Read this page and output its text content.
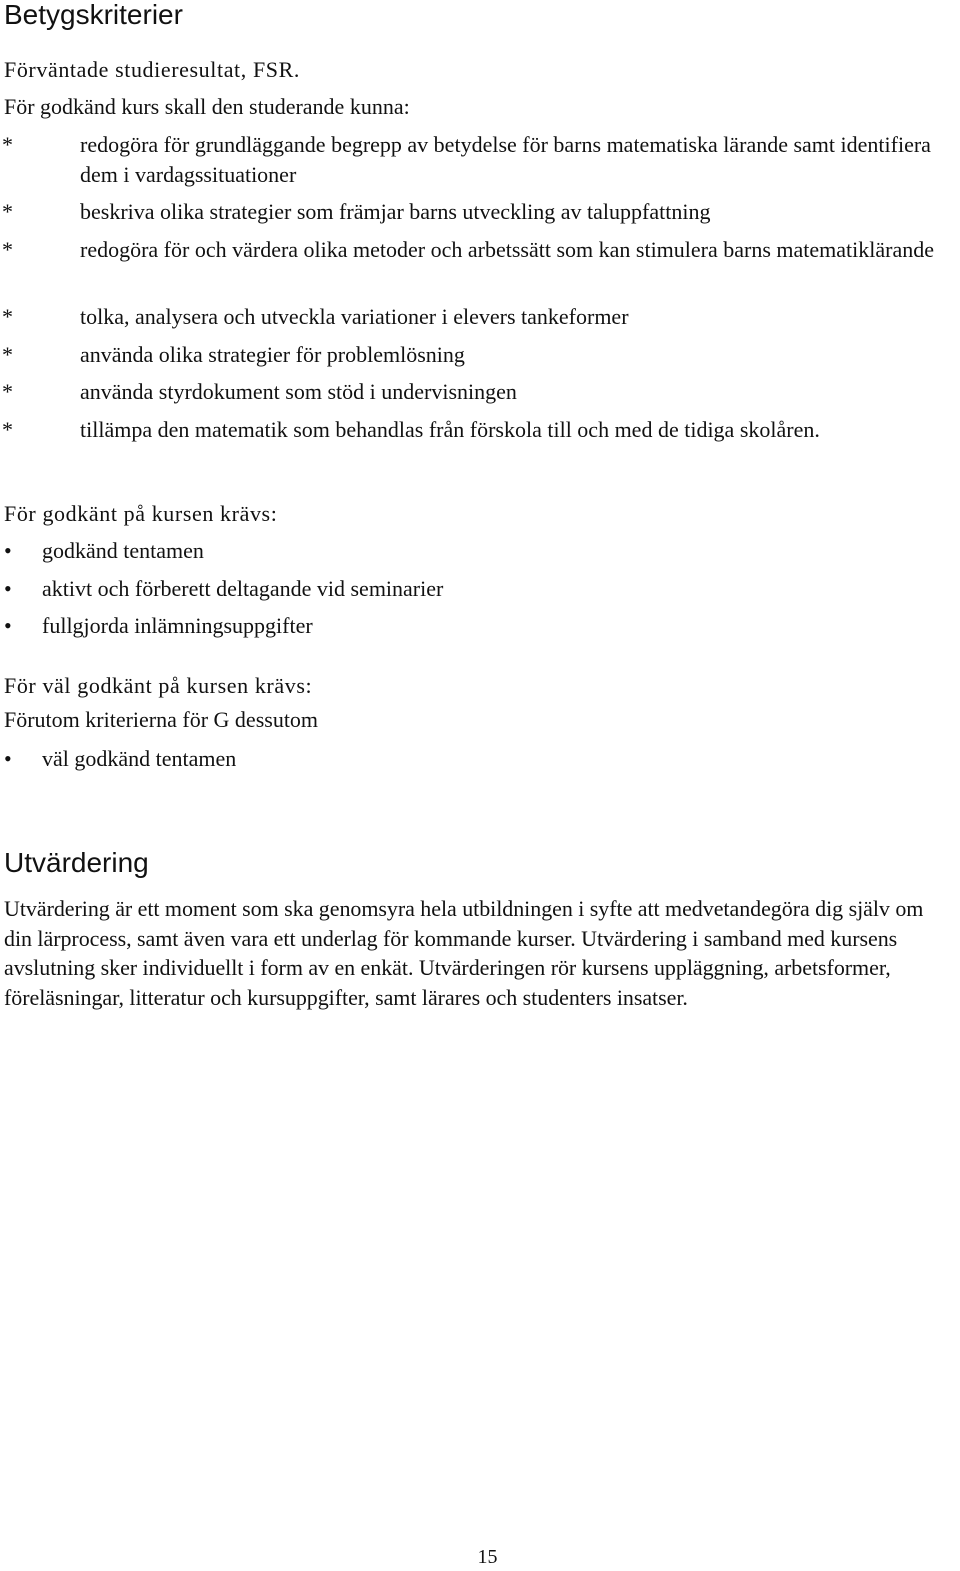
Betygskriterier
Förväntade studieresultat, FSR.
För godkänd kurs skall den studerande kunna:
*	redogöra för grundläggande begrepp av betydelse för barns matematiska lärande samt identifiera dem i vardagssituationer
*	beskriva olika strategier som främjar barns utveckling av taluppfattning
*	redogöra för och värdera olika metoder och arbetssätt som kan stimulera barns matematiklärande
*	tolka, analysera och utveckla variationer i elevers tankeformer
*	använda olika strategier för problemlösning
*	använda styrdokument som stöd i undervisningen
*	tillämpa den matematik som behandlas från förskola till och med de tidiga skolåren.
För godkänt på kursen krävs:
•	godkänd tentamen
•	aktivt och förberett deltagande vid seminarier
•	fullgjorda inlämningsuppgifter
För väl godkänt på kursen krävs:
Förutom kriterierna för G dessutom
•	väl godkänd tentamen
Utvärdering

Utvärdering är ett moment som ska genomsyra hela utbildningen i syfte att medvetandegöra dig själv om din lärprocess, samt även vara ett underlag för kommande kurser. Utvärdering i samband med kursens avslutning sker individuellt i form av en enkät. Utvärderingen rör kursens uppläggning, arbetsformer, föreläsningar, litteratur och kursuppgifter, samt lärares och studenters insatser.

15
